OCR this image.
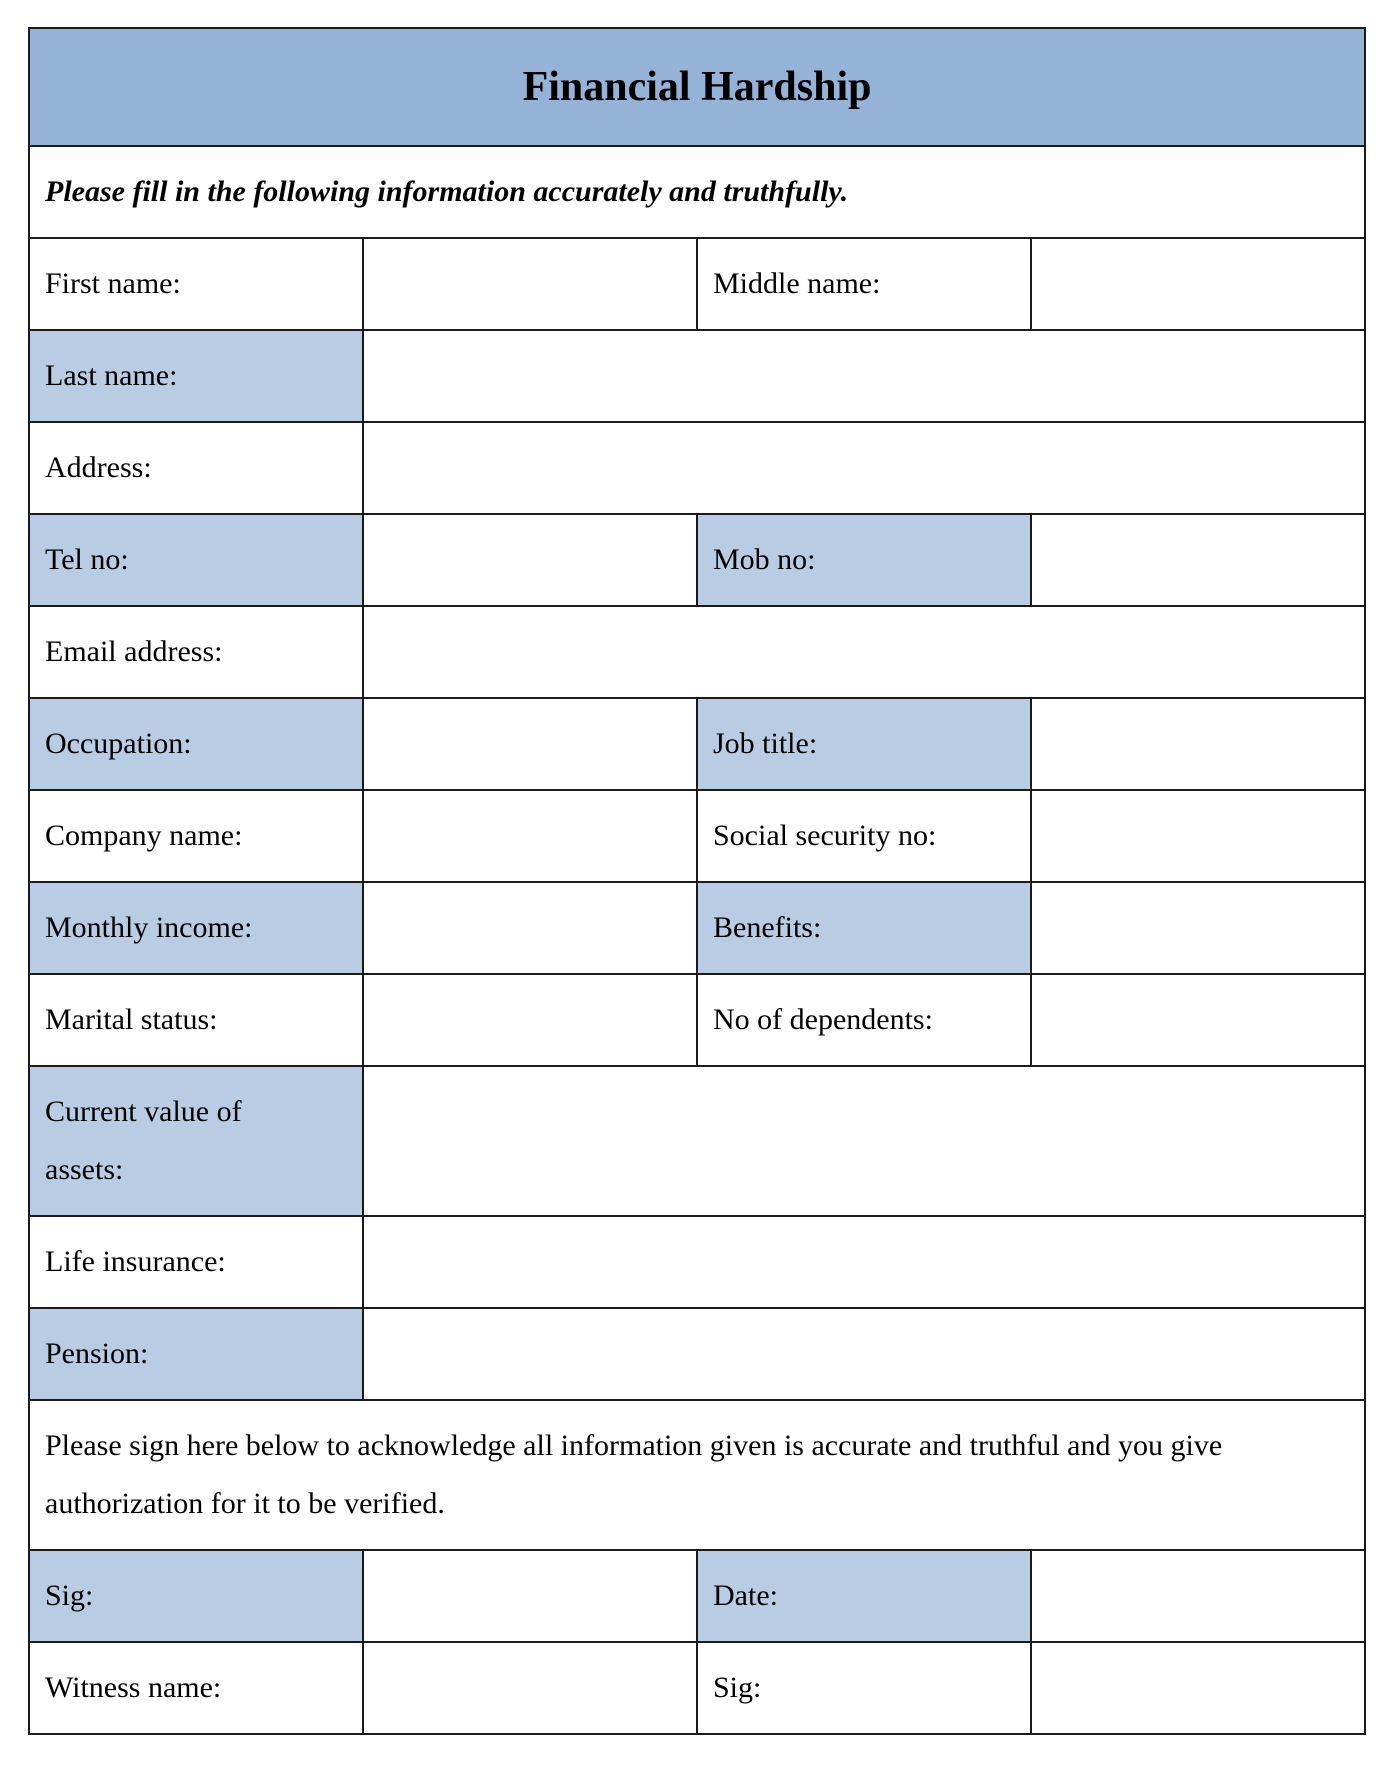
Financial Hardship			
Please fill in the following information accurately and truthfully.			
First name:		Middle name:	
Last name:			
Address:			
Tel no:		Mob no:	
Email address:			
Occupation:		Job title:	
Company name:		Social security no:	
Monthly income:		Benefits:	
Marital status:		No of dependents:	
Current value of assets:			
Life insurance:			
Pension:			
Please sign here below to acknowledge all information given is accurate and truthful and you give authorization for it to be verified.			
Sig:		Date:	
Witness name:		Sig:	
